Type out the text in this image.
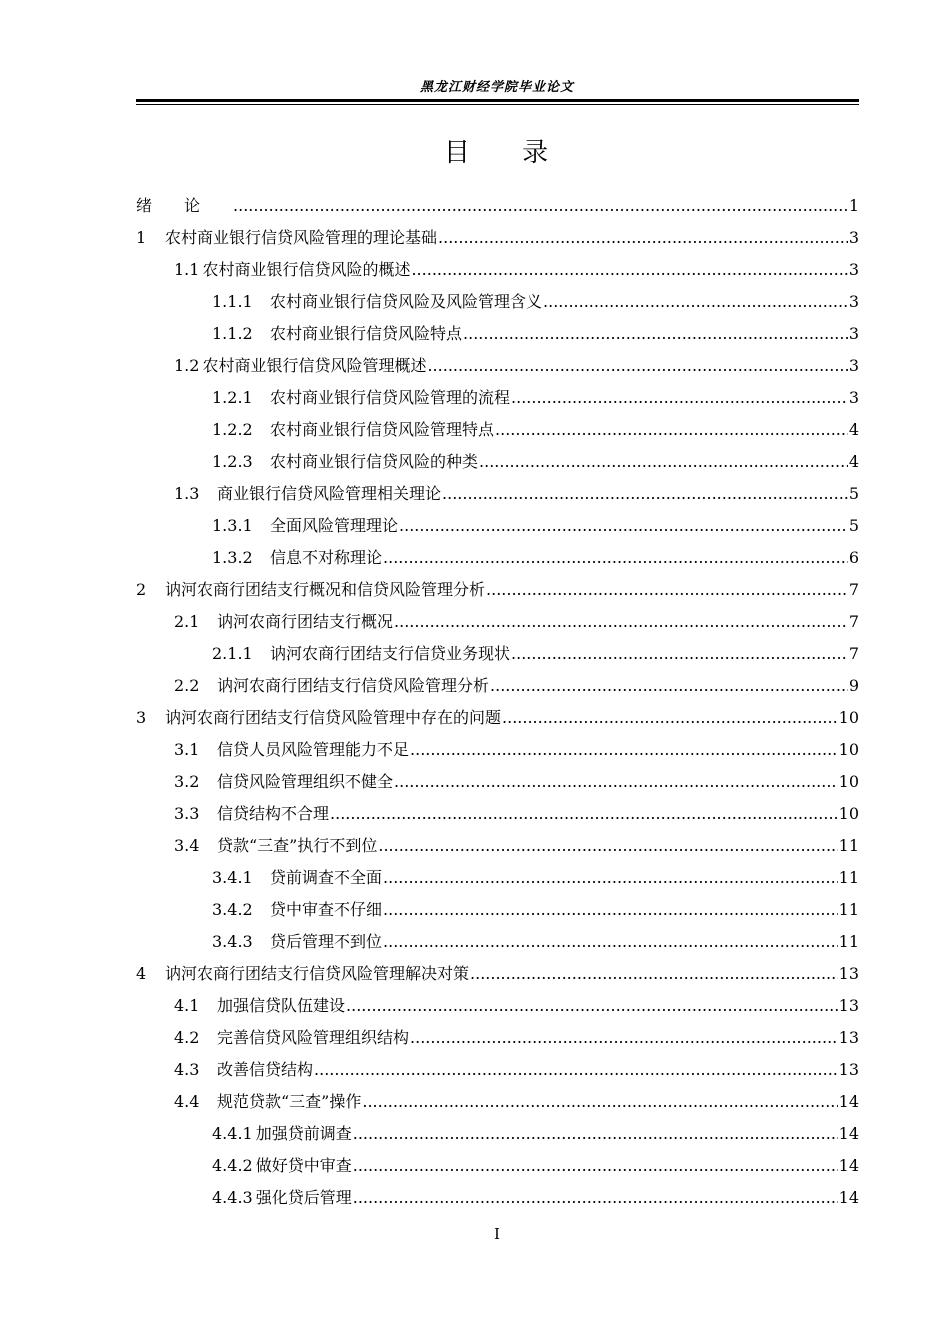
黑龙江财经学院毕业论文
目 录
绪论 .....	1
1	农村商业银行信贷风险管理的理论基础 .....	3
1.1 农村商业银行信贷风险的概述 .....	3
1.1.1	农村商业银行信贷风险及风险管理含义 .....	3
1.1.2	农村商业银行信贷风险特点 .....	3
1.2 农村商业银行信贷风险管理概述 .....	3
1.2.1	农村商业银行信贷风险管理的流程 .....	3
1.2.2	农村商业银行信贷风险管理特点 .....	4
1.2.3	农村商业银行信贷风险的种类 .....	4
1.3	商业银行信贷风险管理相关理论 .....	5
1.3.1	全面风险管理理论 .....	5
1.3.2	信息不对称理论 .....	6
2	讷河农商行团结支行概况和信贷风险管理分析 .....	7
2.1	讷河农商行团结支行概况 .....	7
2.1.1	讷河农商行团结支行信贷业务现状 .....	7
2.2	讷河农商行团结支行信贷风险管理分析 .....	9
3	讷河农商行团结支行信贷风险管理中存在的问题 .....	10
3.1	信贷人员风险管理能力不足 .....	10
3.2	信贷风险管理组织不健全 .....	10
3.3	信贷结构不合理 .....	10
3.4	贷款“三查”执行不到位 .....	11
3.4.1	贷前调查不全面 .....	11
3.4.2	贷中审查不仔细 .....	11
3.4.3	贷后管理不到位 .....	11
4	讷河农商行团结支行信贷风险管理解决对策 .....	13
4.1	加强信贷队伍建设 .....	13
4.2	完善信贷风险管理组织结构 .....	13
4.3	改善信贷结构 .....	13
4.4	规范贷款“三查”操作 .....	14
4.4.1 加强贷前调查 .....	14
4.4.2 做好贷中审查 .....	14
4.4.3 强化贷后管理 .....	14
I
